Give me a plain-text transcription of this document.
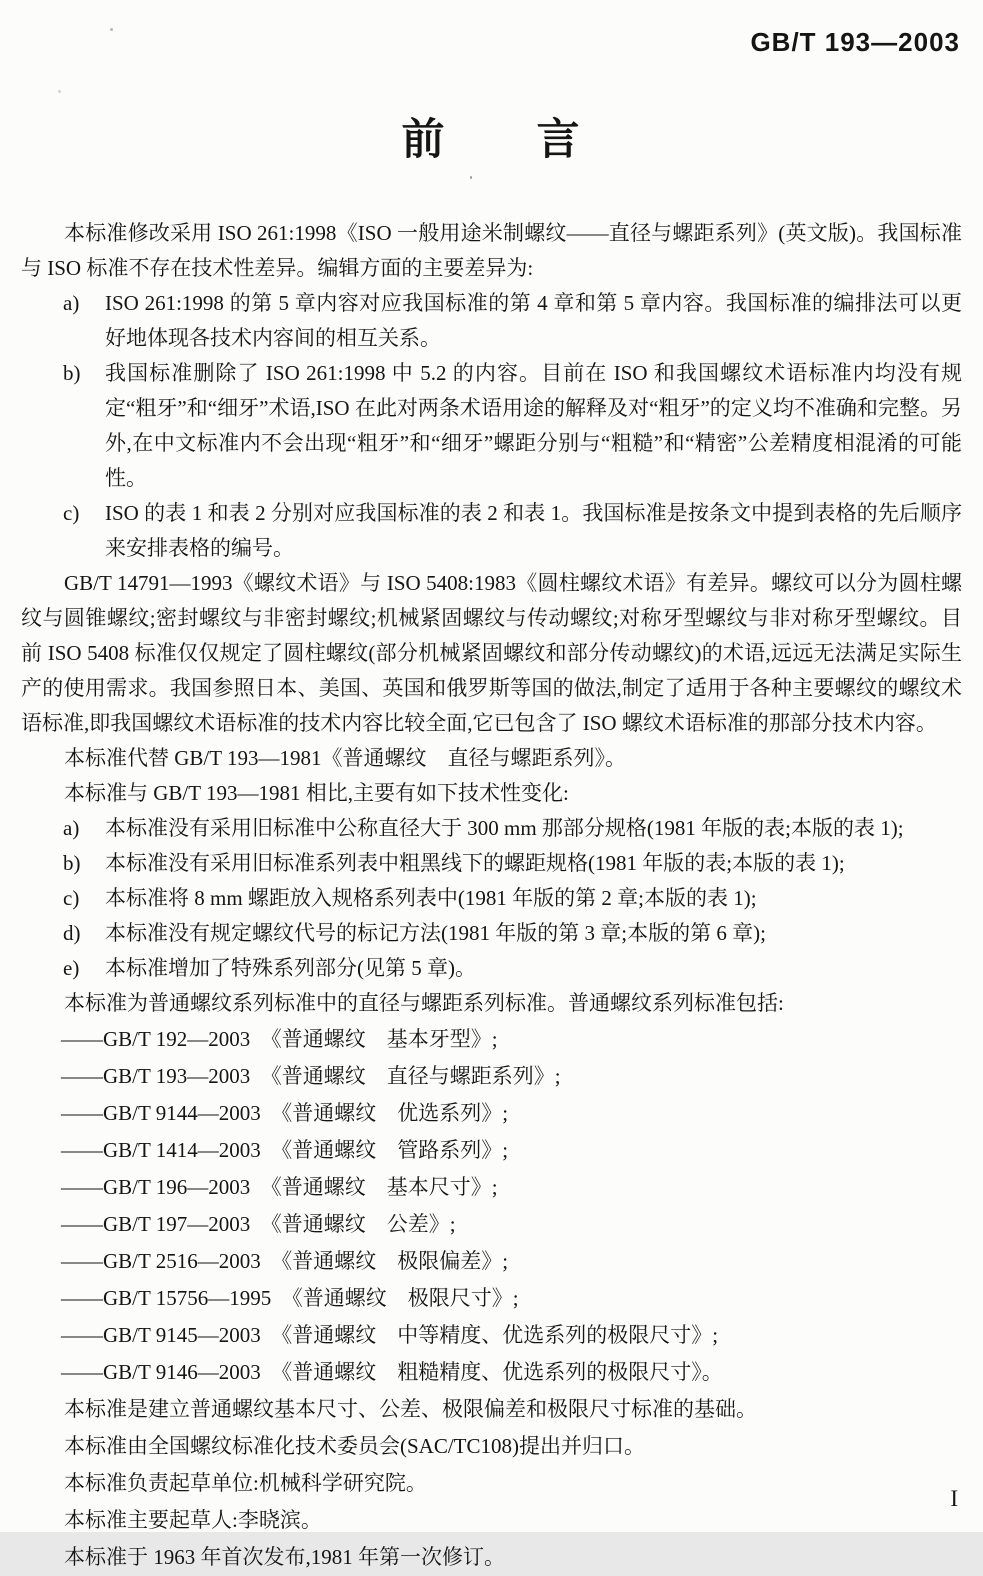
GB/T 193—2003
前　　言

本标准修改采用 ISO 261:1998《ISO 一般用途米制螺纹——直径与螺距系列》(英文版)。我国标准与 ISO 标准不存在技术性差异。编辑方面的主要差异为:

a) ISO 261:1998 的第 5 章内容对应我国标准的第 4 章和第 5 章内容。我国标准的编排法可以更好地体现各技术内容间的相互关系。
b) 我国标准删除了 ISO 261:1998 中 5.2 的内容。目前在 ISO 和我国螺纹术语标准内均没有规定“粗牙”和“细牙”术语,ISO 在此对两条术语用途的解释及对“粗牙”的定义均不准确和完整。另外,在中文标准内不会出现“粗牙”和“细牙”螺距分别与“粗糙”和“精密”公差精度相混淆的可能性。
c) ISO 的表 1 和表 2 分别对应我国标准的表 2 和表 1。我国标准是按条文中提到表格的先后顺序来安排表格的编号。

GB/T 14791—1993《螺纹术语》与 ISO 5408:1983《圆柱螺纹术语》有差异。螺纹可以分为圆柱螺纹与圆锥螺纹;密封螺纹与非密封螺纹;机械紧固螺纹与传动螺纹;对称牙型螺纹与非对称牙型螺纹。目前 ISO 5408 标准仅仅规定了圆柱螺纹(部分机械紧固螺纹和部分传动螺纹)的术语,远远无法满足实际生产的使用需求。我国参照日本、美国、英国和俄罗斯等国的做法,制定了适用于各种主要螺纹的螺纹术语标准,即我国螺纹术语标准的技术内容比较全面,它已包含了 ISO 螺纹术语标准的那部分技术内容。

本标准代替 GB/T 193—1981《普通螺纹　直径与螺距系列》。

本标准与 GB/T 193—1981 相比,主要有如下技术性变化:

a) 本标准没有采用旧标准中公称直径大于 300 mm 那部分规格(1981 年版的表;本版的表 1);
b) 本标准没有采用旧标准系列表中粗黑线下的螺距规格(1981 年版的表;本版的表 1);
c) 本标准将 8 mm 螺距放入规格系列表中(1981 年版的第 2 章;本版的表 1);
d) 本标准没有规定螺纹代号的标记方法(1981 年版的第 3 章;本版的第 6 章);
e) 本标准增加了特殊系列部分(见第 5 章)。

本标准为普通螺纹系列标准中的直径与螺距系列标准。普通螺纹系列标准包括:

——GB/T 192—2003　《普通螺纹　基本牙型》;
——GB/T 193—2003　《普通螺纹　直径与螺距系列》;
——GB/T 9144—2003　《普通螺纹　优选系列》;
——GB/T 1414—2003　《普通螺纹　管路系列》;
——GB/T 196—2003　《普通螺纹　基本尺寸》;
——GB/T 197—2003　《普通螺纹　公差》;
——GB/T 2516—2003　《普通螺纹　极限偏差》;
——GB/T 15756—1995　《普通螺纹　极限尺寸》;
——GB/T 9145—2003　《普通螺纹　中等精度、优选系列的极限尺寸》;
——GB/T 9146—2003　《普通螺纹　粗糙精度、优选系列的极限尺寸》。

本标准是建立普通螺纹基本尺寸、公差、极限偏差和极限尺寸标准的基础。

本标准由全国螺纹标准化技术委员会(SAC/TC108)提出并归口。

本标准负责起草单位:机械科学研究院。

本标准主要起草人:李晓滨。

本标准于 1963 年首次发布,1981 年第一次修订。

I
